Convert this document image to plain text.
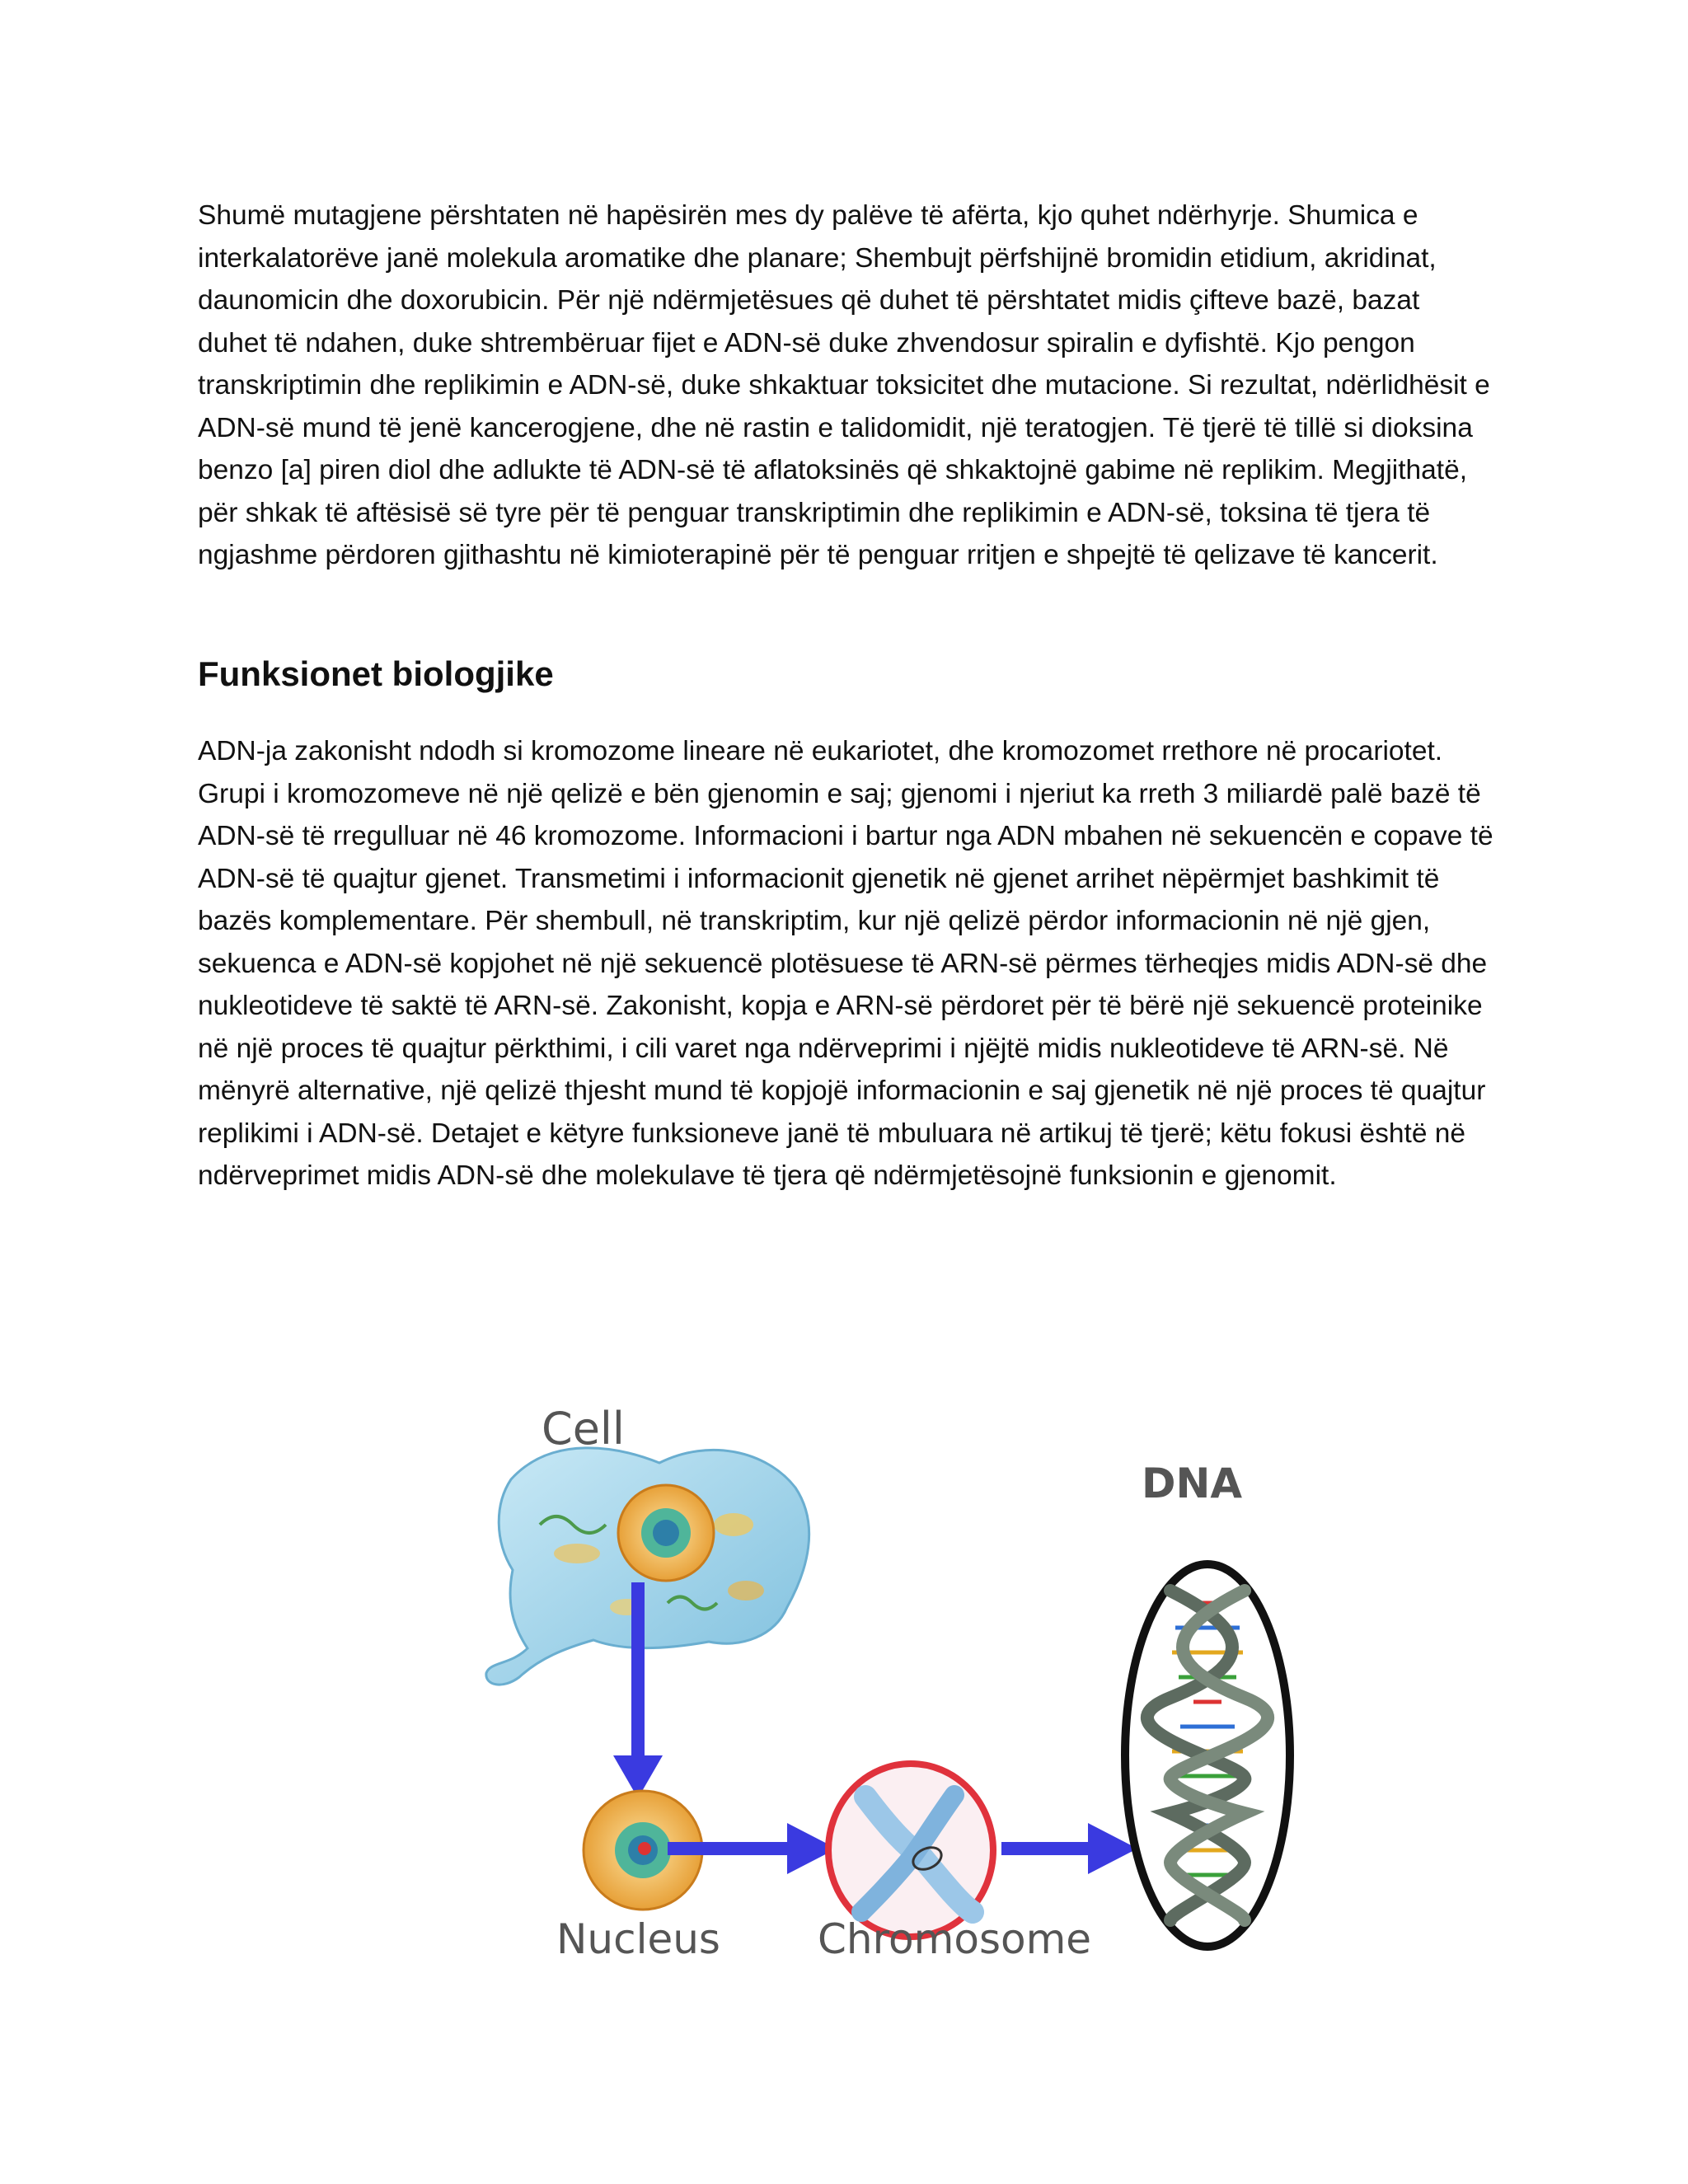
Shumë mutagjene përshtaten në hapësirën mes dy palëve të afërta, kjo quhet ndërhyrje. Shumica e interkalatorëve janë molekula aromatike dhe planare; Shembujt përfshijnë bromidin etidium, akridinat, daunomicin dhe doxorubicin. Për një ndërmjetësues që duhet të përshtatet midis çifteve bazë, bazat duhet të ndahen, duke shtrembëruar fijet e ADN-së duke zhvendosur spiralin e dyfishtë. Kjo pengon transkriptimin dhe replikimin e ADN-së, duke shkaktuar toksicitet dhe mutacione. Si rezultat, ndërlidhësit e ADN-së mund të jenë kancerogjene, dhe në rastin e talidomidit, një teratogjen. Të tjerë të tillë si dioksina benzo [a] piren diol dhe adlukte të ADN-së të aflatoksinës që shkaktojnë gabime në replikim. Megjithatë, për shkak të aftësisë së tyre për të penguar transkriptimin dhe replikimin e ADN-së, toksina të tjera të ngjashme përdoren gjithashtu në kimioterapinë për të penguar rritjen e shpejtë të qelizave të kancerit.

Funksionet biologjike

ADN-ja zakonisht ndodh si kromozome lineare në eukariotet, dhe kromozomet rrethore në procariotet. Grupi i kromozomeve në një qelizë e bën gjenomin e saj; gjenomi i njeriut ka rreth 3 miliardë palë bazë të ADN-së të rregulluar në 46 kromozome. Informacioni i bartur nga ADN mbahen në sekuencën e copave të ADN-së të quajtur gjenet. Transmetimi i informacionit gjenetik në gjenet arrihet nëpërmjet bashkimit të bazës komplementare. Për shembull, në transkriptim, kur një qelizë përdor informacionin në një gjen, sekuenca e ADN-së kopjohet në një sekuencë plotësuese të ARN-së përmes tërheqjes midis ADN-së dhe nukleotideve të saktë të ARN-së. Zakonisht, kopja e ARN-së përdoret për të bërë një sekuencë proteinike në një proces të quajtur përkthimi, i cili varet nga ndërveprimi i njëjtë midis nukleotideve të ARN-së. Në mënyrë alternative, një qelizë thjesht mund të kopjojë informacionin e saj gjenetik në një proces të quajtur replikimi i ADN-së. Detajet e këtyre funksioneve janë të mbuluara në artikuj të tjerë; këtu fokusi është në ndërveprimet midis ADN-së dhe molekulave të tjera që ndërmjetësojnë funksionin e gjenomit.

Cell
Nucleus Chromosome
DNA
